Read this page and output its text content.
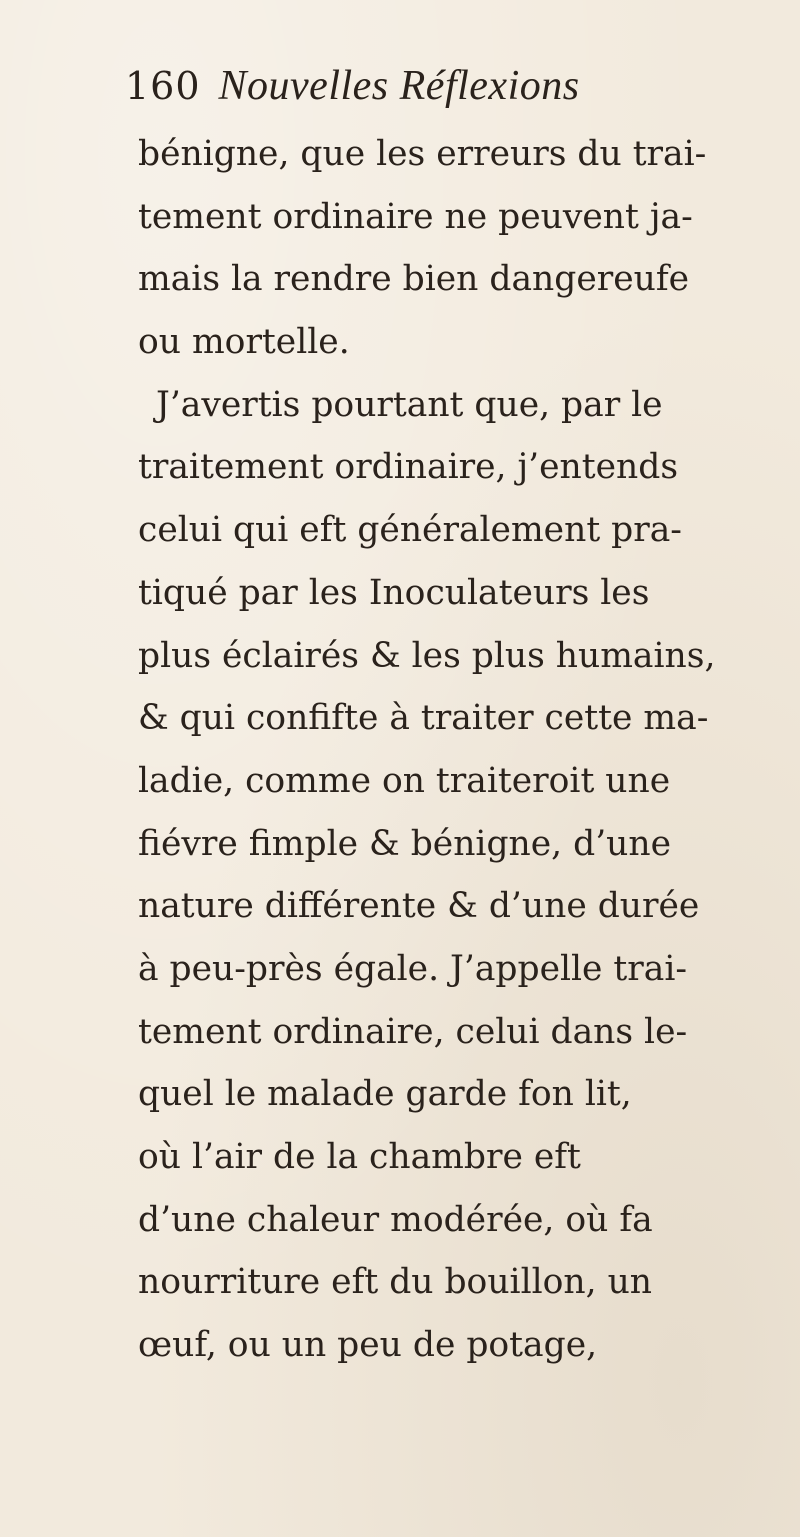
160 Nouvelles Réflexions
bénigne, que les erreurs du trai-
tement ordinaire ne peuvent ja-
mais la rendre bien dangereufe
ou mortelle.
J’avertis pourtant que, par le
traitement ordinaire, j’entends
celui qui eft généralement pra-
tiqué par les Inoculateurs les
plus éclairés & les plus humains,
& qui confifte à traiter cette ma-
ladie, comme on traiteroit une
fiévre fimple & bénigne, d’une
nature différente & d’une durée
à peu-près égale. J’appelle trai-
tement ordinaire, celui dans le-
quel le malade garde fon lit,
où l’air de la chambre eft
d’une chaleur modérée, où fa
nourriture eft du bouillon, un
œuf, ou un peu de potage,
